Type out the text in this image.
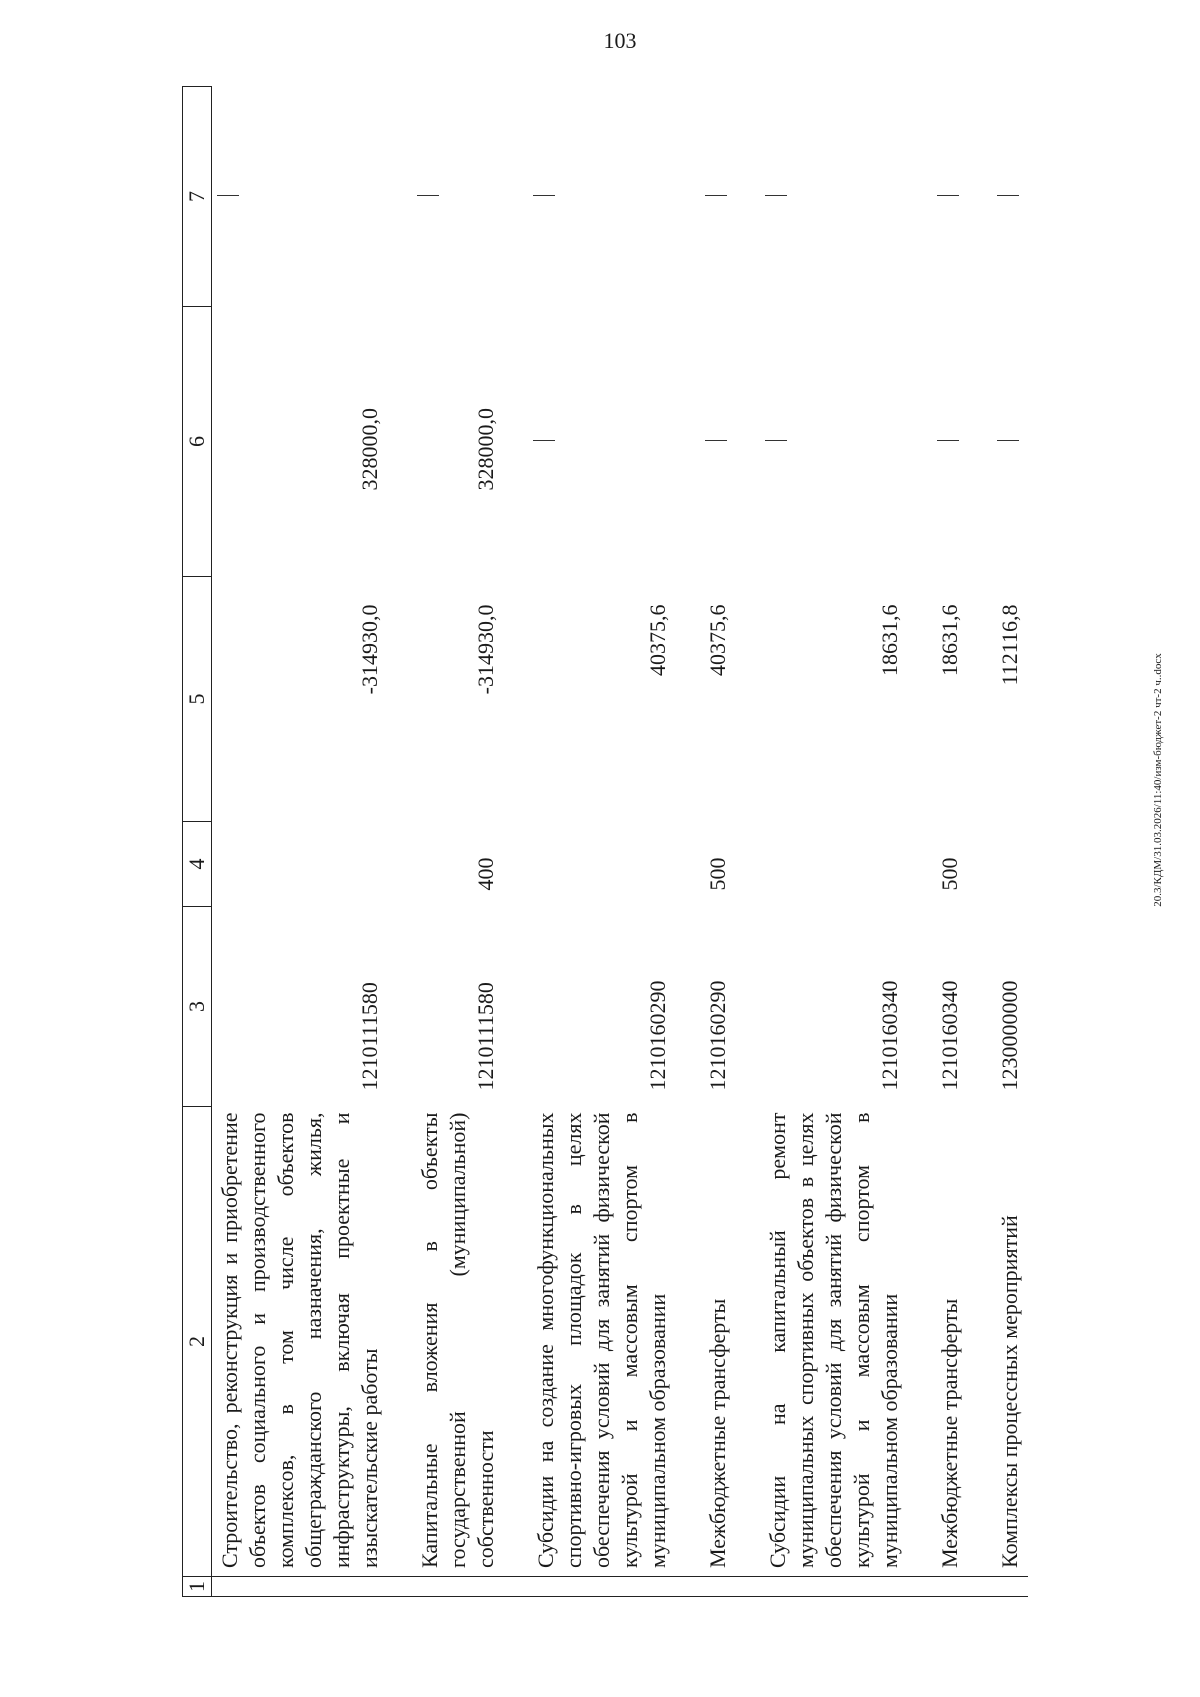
103
20.3/КДМ/31.03.2026/11:40/изм-бюджет-2 чт-2 ч..docx
1	2	3	4	5	6	7
	Строительство, реконструкция и приобретение объектов социального и производственного комплексов, в том числе объектов общегражданского назначения, жилья, инфраструктуры, включая проектные и изыскательские работы	1210111580		-314930,0	328000,0	

	Капитальные вложения в объекты государственной (муниципальной) собственности	1210111580	400	-314930,0	328000,0	

	Субсидии на создание многофункциональных спортивно-игровых площадок в целях обеспечения условий для занятий физической культурой и массовым спортом в муниципальном образовании	1210160290		40375,6	

	Межбюджетные трансферты	1210160290	500	40375,6	

	Субсидии на капитальный ремонт муниципальных спортивных объектов в целях обеспечения условий для занятий физической культурой и массовым спортом в муниципальном образовании	1210160340		18631,6	

	Межбюджетные трансферты	1210160340	500	18631,6	

	Комплексы процессных мероприятий	1230000000		112116,8	
